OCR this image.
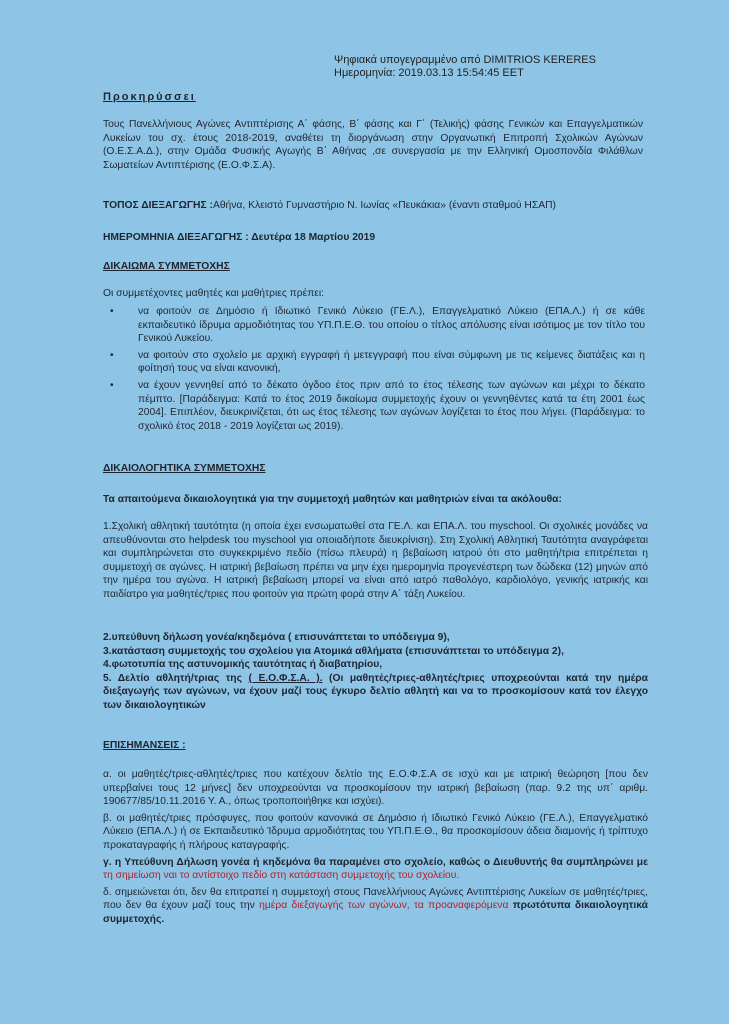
Ψηφιακά υπογεγραμμένο από DIMITRIOS KERERES
Ημερομηνία: 2019.03.13 15:54:45 EET
Προκηρύσσει
Τους Πανελλήνιους Αγώνες Αντιπτέρισης Α΄ φάσης, Β΄ φάσης και Γ΄ (Τελικής) φάσης Γενικών και Επαγγελματικών Λυκείων του σχ. έτους 2018-2019, αναθέτει τη διοργάνωση στην Οργανωτική Επιτροπή Σχολικών Αγώνων (Ο.Ε.Σ.Α.Δ.), στην Ομάδα Φυσικής Αγωγής Β΄ Αθήνας ,σε συνεργασία με την Ελληνική Ομοσπονδία Φιλάθλων Σωματείων Αντιπτέρισης (Ε.Ο.Φ.Σ.Α).
ΤΟΠΟΣ ΔΙΕΞΑΓΩΓΗΣ :Αθήνα, Κλειστό Γυμναστήριο Ν. Ιωνίας «Πευκάκια» (έναντι σταθμού ΗΣΑΠ)
ΗΜΕΡΟΜΗΝΙΑ ΔΙΕΞΑΓΩΓΗΣ : Δευτέρα 18 Μαρτίου 2019
ΔΙΚΑΙΩΜΑ ΣΥΜΜΕΤΟΧΗΣ
Οι συμμετέχοντες μαθητές και μαθήτριες πρέπει:
• να φοιτούν σε Δημόσιο ή Ιδιωτικό Γενικό Λύκειο (ΓΕ.Λ.), Επαγγελματικό Λύκειο (ΕΠΑ.Λ.) ή σε κάθε εκπαιδευτικό ίδρυμα αρμοδιότητας του ΥΠ.Π.Ε.Θ. του οποίου ο τίτλος απόλυσης είναι ισότιμος με τον τίτλο του Γενικού Λυκείου.
• να φοιτούν στο σχολείο με αρχική εγγραφή ή μετεγγραφή που είναι σύμφωνη με τις κείμενες διατάξεις και η φοίτησή τους να είναι κανονική,
• να έχουν γεννηθεί από το δέκατο όγδοο έτος πριν από το έτος τέλεσης των αγώνων και μέχρι το δέκατο πέμπτο. [Παράδειγμα: Κατά το έτος 2019 δικαίωμα συμμετοχής έχουν οι γεννηθέντες κατά τα έτη 2001 έως 2004]. Επιπλέον, διευκρινίζεται, ότι ως έτος τέλεσης των αγώνων λογίζεται το έτος που λήγει. (Παράδειγμα: το σχολικό έτος 2018 - 2019 λογίζεται ως 2019).
ΔΙΚΑΙΟΛΟΓΗΤΙΚΑ ΣΥΜΜΕΤΟΧΗΣ
Τα απαιτούμενα δικαιολογητικά για την συμμετοχή μαθητών και μαθητριών είναι τα ακόλουθα:
1.Σχολική αθλητική ταυτότητα (η οποία έχει ενσωματωθεί στα ΓΕ.Λ. και ΕΠΑ.Λ. του myschool. Οι σχολικές μονάδες να απευθύνονται στο helpdesk του myschool για οποιαδήποτε διευκρίνιση). Στη Σχολική Αθλητική Ταυτότητα αναγράφεται και συμπληρώνεται στο συγκεκριμένο πεδίο (πίσω πλευρά) η βεβαίωση ιατρού ότι στο μαθητή/τρια επιτρέπεται η συμμετοχή σε αγώνες. Η ιατρική βεβαίωση πρέπει να μην έχει ημερομηνία προγενέστερη των δώδεκα (12) μηνών από την ημέρα του αγώνα. Η ιατρική βεβαίωση μπορεί να είναι από ιατρό παθολόγο, καρδιολόγο, γενικής ιατρικής και παιδίατρο για μαθητές/τριες που φοιτούν για πρώτη φορά στην Α΄ τάξη Λυκείου.
2.υπεύθυνη δήλωση γονέα/κηδεμόνα ( επισυνάπτεται το υπόδειγμα 9),
3.κατάσταση συμμετοχής του σχολείου για Ατομικά αθλήματα (επισυνάπτεται το υπόδειγμα 2),
4.φωτοτυπία της αστυνομικής ταυτότητας ή διαβατηρίου,
5. Δελτίο αθλητή/τριας της ( Ε.Ο.Φ.Σ.Α. ). (Οι μαθητές/τριες-αθλητές/τριες υποχρεούνται κατά την ημέρα διεξαγωγής των αγώνων, να έχουν μαζί τους έγκυρο δελτίο αθλητή και να το προσκομίσουν κατά τον έλεγχο των δικαιολογητικών
ΕΠΙΣΗΜΑΝΣΕΙΣ :

α. οι μαθητές/τριες-αθλητές/τριες που κατέχουν δελτίο της Ε.Ο.Φ.Σ.Α σε ισχύ και με ιατρική θεώρηση [που δεν υπερβαίνει τους 12 μήνες] δεν υποχρεούνται να προσκομίσουν την ιατρική βεβαίωση (παρ. 9.2 της υπ΄ αριθμ. 190677/85/10.11.2016 Υ. Α., όπως τροποποιήθηκε και ισχύει).

β. οι μαθητές/τριες πρόσφυγες, που φοιτούν κανονικά σε Δημόσιο ή Ιδιωτικό Γενικό Λύκειο (ΓΕ.Λ.), Επαγγελματικό Λύκειο (ΕΠΑ.Λ.) ή σε Εκπαιδευτικό Ίδρυμα αρμοδιότητας του ΥΠ.Π.Ε.Θ., θα προσκομίσουν άδεια διαμονής ή τρίπτυχο προκαταγραφής ή πλήρους καταγραφής.

γ. η Υπεύθυνη Δήλωση γονέα ή κηδεμόνα θα παραμένει στο σχολείο, καθώς ο Διευθυντής θα συμπληρώνει με τη σημείωση ναι το αντίστοιχο πεδίο στη κατάσταση συμμετοχής του σχολείου.

δ. σημειώνεται ότι, δεν θα επιτραπεί η συμμετοχή στους Πανελλήνιους Αγώνες Αντιπτέρισης Λυκείων σε μαθητές/τριες, που δεν θα έχουν μαζί τους την ημέρα διεξαγωγής των αγώνων, τα προαναφερόμενα πρωτότυπα δικαιολογητικά συμμετοχής.
